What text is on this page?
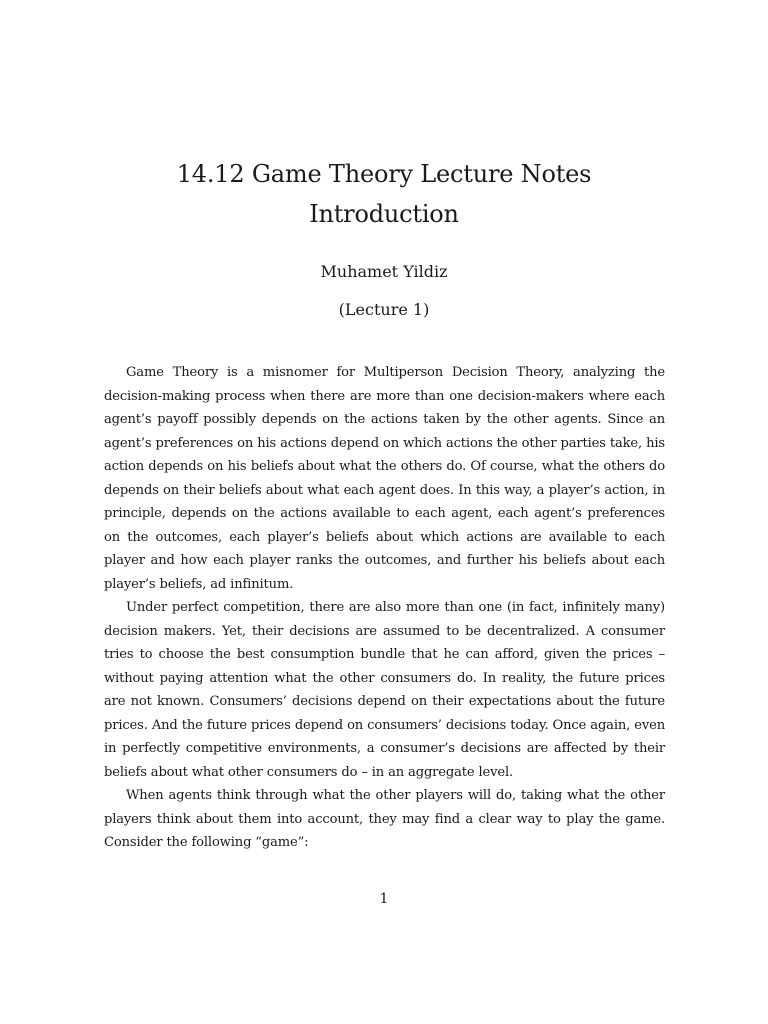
14.12 Game Theory Lecture Notes
Introduction
Muhamet Yildiz
(Lecture 1)

Game Theory is a misnomer for Multiperson Decision Theory, analyzing the decision-making process when there are more than one decision-makers where each agent’s payoff possibly depends on the actions taken by the other agents. Since an agent’s preferences on his actions depend on which actions the other parties take, his action depends on his beliefs about what the others do. Of course, what the others do depends on their beliefs about what each agent does. In this way, a player’s action, in principle, depends on the actions available to each agent, each agent’s preferences on the outcomes, each player’s beliefs about which actions are available to each player and how each player ranks the outcomes, and further his beliefs about each player’s beliefs, ad infinitum.

Under perfect competition, there are also more than one (in fact, infinitely many) decision makers. Yet, their decisions are assumed to be decentralized. A consumer tries to choose the best consumption bundle that he can afford, given the prices – without paying attention what the other consumers do. In reality, the future prices are not known. Consumers’ decisions depend on their expectations about the future prices. And the future prices depend on consumers’ decisions today. Once again, even in perfectly competitive environments, a consumer’s decisions are affected by their beliefs about what other consumers do – in an aggregate level.

When agents think through what the other players will do, taking what the other players think about them into account, they may find a clear way to play the game. Consider the following “game”:

1
